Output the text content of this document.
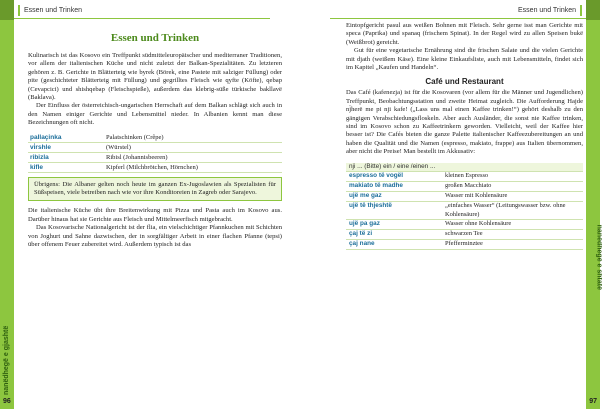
nanëdhegë e gjashtë
Essen und Trinken
Essen und Trinken

Kulinarisch ist das Kosovo ein Treffpunkt südmitteleuropäischer und mediterraner Traditionen, vor allem der italienischen Küche und nicht zuletzt der Balkan-Spezialitäten. Zu letzteren gehören z. B. Gerichte in Blätterteig wie byrek (Börek, eine Pastete mit salziger Füllung) oder pite (geschichteter Blätterteig mit Füllung) und gegrilltes Fleisch wie qyfte (Köfte), qebap (Cevapcici) und shishqebap (Fleischspieße), außerdem das klebrig-süße türkische bakllavë (Baklava).

Der Einfluss der österreichisch-ungarischen Herrschaft auf dem Balkan schlägt sich auch in den Namen einiger Gerichte und Lebensmittel nieder. In Albanien kennt man diese Bezeichnungen oft nicht.

pallaçinka	Palatschinken (Crêpe)
vi̇rshle	(Würstel)
ribizla	Ribisl (Johannisbeeren)
kifle	Kipferl (Milchbrötchen, Hörnchen)

Übrigens: Die Albaner gelten noch heute im ganzen Ex-Jugoslawien als Spezialisten für Süßspeisen, viele betreiben nach wie vor ihre Konditoreien in Zagreb oder Sarajevo.

Die italienische Küche übt ihre Breitenwirkung mit Pizza und Pasta auch im Kosovo aus. Darüber hinaus hat sie Gerichte aus Fleisch und Mittelmeerfisch mitgebracht.

Das Kosovarische Nationalgericht ist der flia, ein vielschichtiger Pfannkuchen mit Schichten von Joghurt und Sahne dazwischen, der in sorgfältiger Arbeit in einer flachen Pfanne (tepsi) über offenem Feuer zubereitet wird. Außerdem typisch ist das

96
nanëdhegë e shtatë
Essen und Trinken

Eintopfgericht pasul aus weißen Bohnen mit Fleisch. Sehr gerne isst man Gerichte mit speca (Paprika) und spanaq (frischem Spinat). In der Regel wird zu allen Speisen bukë (Weißbrot) gereicht.

Gut für eine vegetarische Ernährung sind die frischen Salate und die vielen Gerichte mit djath (weißem Käse). Eine kleine Einkaufsliste, auch mit Lebensmitteln, findet sich im Kapitel „Kaufen und Handeln“.

Café und Restaurant

Das Café (kafenezja) ist für die Kosovaren (vor allem für die Männer und Jugendlichen) Treffpunkt, Beobachtungsstation und zweite Heimat zugleich. Die Aufforderung Hajde nj̈herë me pi nji kafe! („Lass uns mal einen Kaffee trinken!“) gehört deshalb zu den gängigen Verabschiedungsfloskeln. Aber auch Ausländer, die sonst nie Kaffee trinken, sind im Kosovo schon zu Kaffeetrinkern geworden. Vielleicht, weil der Kaffee hier besser ist? Die Cafés bieten die ganze Palette italienischer Kaffeezubereitungen an und haben die Qualität und die Namen (espresso, makiato, frappe) aus Italien übernommen, aber nicht die Preise! Man bestellt im Akkusativ:

nji ... (Bitte) ein / eine /einen ...	
espresso të vogël	kleinen Espresso
makiato të madhe	großen Macchiato
ujë me gaz	Wasser mit Kohlensäure
ujë të thjeshtë	„einfaches Wasser“ (Leitungswasser bzw. ohne Kohlensäure)
ujë pa gaz	Wasser ohne Kohlensäure
çaj të zi	schwarzen Tee
çaj nane	Pfefferminztee
97
